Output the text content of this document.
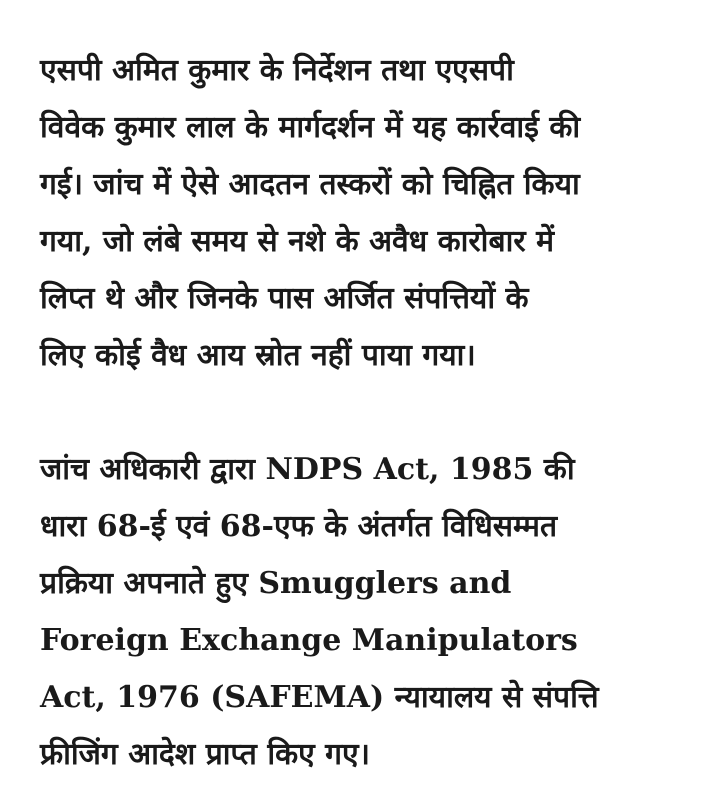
एसपी अमित कुमार के निर्देशन तथा एएसपी
विवेक कुमार लाल के मार्गदर्शन में यह कार्रवाई की
गई। जांच में ऐसे आदतन तस्करों को चिह्नित किया
गया, जो लंबे समय से नशे के अवैध कारोबार में
लिप्त थे और जिनके पास अर्जित संपत्तियों के
लिए कोई वैध आय स्रोत नहीं पाया गया।

जांच अधिकारी द्वारा NDPS Act, 1985 की
धारा 68-ई एवं 68-एफ के अंतर्गत विधिसम्मत
प्रक्रिया अपनाते हुए Smugglers and
Foreign Exchange Manipulators
Act, 1976 (SAFEMA) न्यायालय से संपत्ति
फ्रीजिंग आदेश प्राप्त किए गए।
